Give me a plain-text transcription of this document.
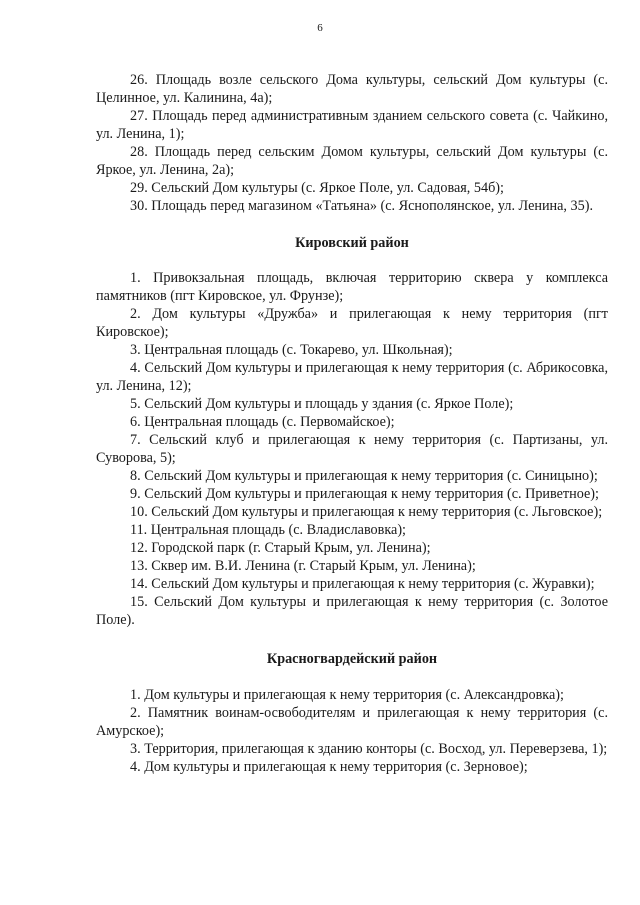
6

26. Площадь возле сельского Дома культуры, сельский Дом культуры (с. Целинное, ул. Калинина, 4а);

27. Площадь перед административным зданием сельского совета (с. Чайкино, ул. Ленина, 1);

28. Площадь перед сельским Домом культуры, сельский Дом культуры (с. Яркое, ул. Ленина, 2а);

29. Сельский Дом культуры (с. Яркое Поле, ул. Садовая, 54б);

30. Площадь перед магазином «Татьяна» (с. Яснополянское, ул. Ленина, 35).

Кировский район

1. Привокзальная площадь, включая территорию сквера у комплекса памятников (пгт Кировское, ул. Фрунзе);

2. Дом культуры «Дружба» и прилегающая к нему территория (пгт Кировское);

3. Центральная площадь (с. Токарево, ул. Школьная);

4. Сельский Дом культуры и прилегающая к нему территория (с. Абрикосовка, ул. Ленина, 12);

5. Сельский Дом культуры и площадь у здания (с. Яркое Поле);

6. Центральная площадь (с. Первомайское);

7. Сельский клуб и прилегающая к нему территория (с. Партизаны, ул. Суворова, 5);

8. Сельский Дом культуры и прилегающая к нему территория (с. Синицыно);

9. Сельский Дом культуры и прилегающая к нему территория (с. Приветное);

10. Сельский Дом культуры и прилегающая к нему территория (с. Льговское);

11. Центральная площадь (с. Владиславовка);

12. Городской парк (г. Старый Крым, ул. Ленина);

13. Сквер им. В.И. Ленина (г. Старый Крым, ул. Ленина);

14. Сельский Дом культуры и прилегающая к нему территория (с. Журавки);

15. Сельский Дом культуры и прилегающая к нему территория (с. Золотое Поле).

Красногвардейский район

1. Дом культуры и прилегающая к нему территория (с. Александровка);

2. Памятник воинам-освободителям и прилегающая к нему территория (с. Амурское);

3. Территория, прилегающая к зданию конторы (с. Восход, ул. Переверзева, 1);

4. Дом культуры и прилегающая к нему территория (с. Зерновое);
